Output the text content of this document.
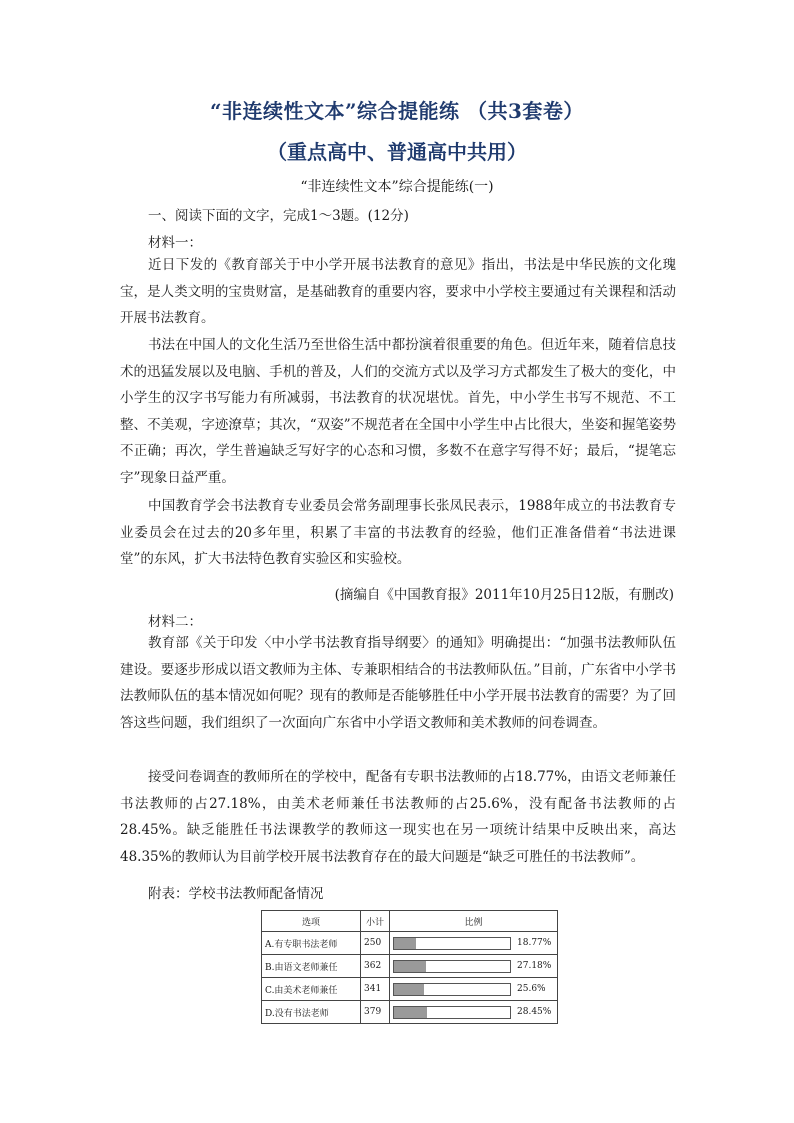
“非连续性文本”综合提能练 （共3套卷）
（重点高中、普通高中共用）
“非连续性文本”综合提能练(一)
一、阅读下面的文字，完成1～3题。(12分)
材料一：

近日下发的《教育部关于中小学开展书法教育的意见》指出，书法是中华民族的文化瑰宝，是人类文明的宝贵财富，是基础教育的重要内容，要求中小学校主要通过有关课程和活动开展书法教育。

书法在中国人的文化生活乃至世俗生活中都扮演着很重要的角色。但近年来，随着信息技术的迅猛发展以及电脑、手机的普及，人们的交流方式以及学习方式都发生了极大的变化，中小学生的汉字书写能力有所减弱，书法教育的状况堪忧。首先，中小学生书写不规范、不工整、不美观，字迹潦草；其次，“双姿”不规范者在全国中小学生中占比很大，坐姿和握笔姿势不正确；再次，学生普遍缺乏写好字的心态和习惯，多数不在意字写得不好；最后，“提笔忘字”现象日益严重。

中国教育学会书法教育专业委员会常务副理事长张凤民表示，1988年成立的书法教育专业委员会在过去的20多年里，积累了丰富的书法教育的经验，他们正准备借着“书法进课堂”的东风，扩大书法特色教育实验区和实验校。

(摘编自《中国教育报》2011年10月25日12版，有删改)
材料二：

教育部《关于印发〈中小学书法教育指导纲要〉的通知》明确提出：“加强书法教师队伍建设。要逐步形成以语文教师为主体、专兼职相结合的书法教师队伍。”目前，广东省中小学书法教师队伍的基本情况如何呢？现有的教师是否能够胜任中小学开展书法教育的需要？为了回答这些问题，我们组织了一次面向广东省中小学语文教师和美术教师的问卷调查。

接受问卷调查的教师所在的学校中，配备有专职书法教师的占18.77%，由语文老师兼任书法教师的占27.18%，由美术老师兼任书法教师的占25.6%，没有配备书法教师的占28.45%。缺乏能胜任书法课教学的教师这一现实也在另一项统计结果中反映出来，高达48.35%的教师认为目前学校开展书法教育存在的最大问题是“缺乏可胜任的书法教师”。

附表：学校书法教师配备情况
选项	小计	比例
A.有专职书法老师	250	18.77%
B.由语文老师兼任	362	27.18%
C.由美术老师兼任	341	25.6%
D.没有书法老师	379	28.45%
